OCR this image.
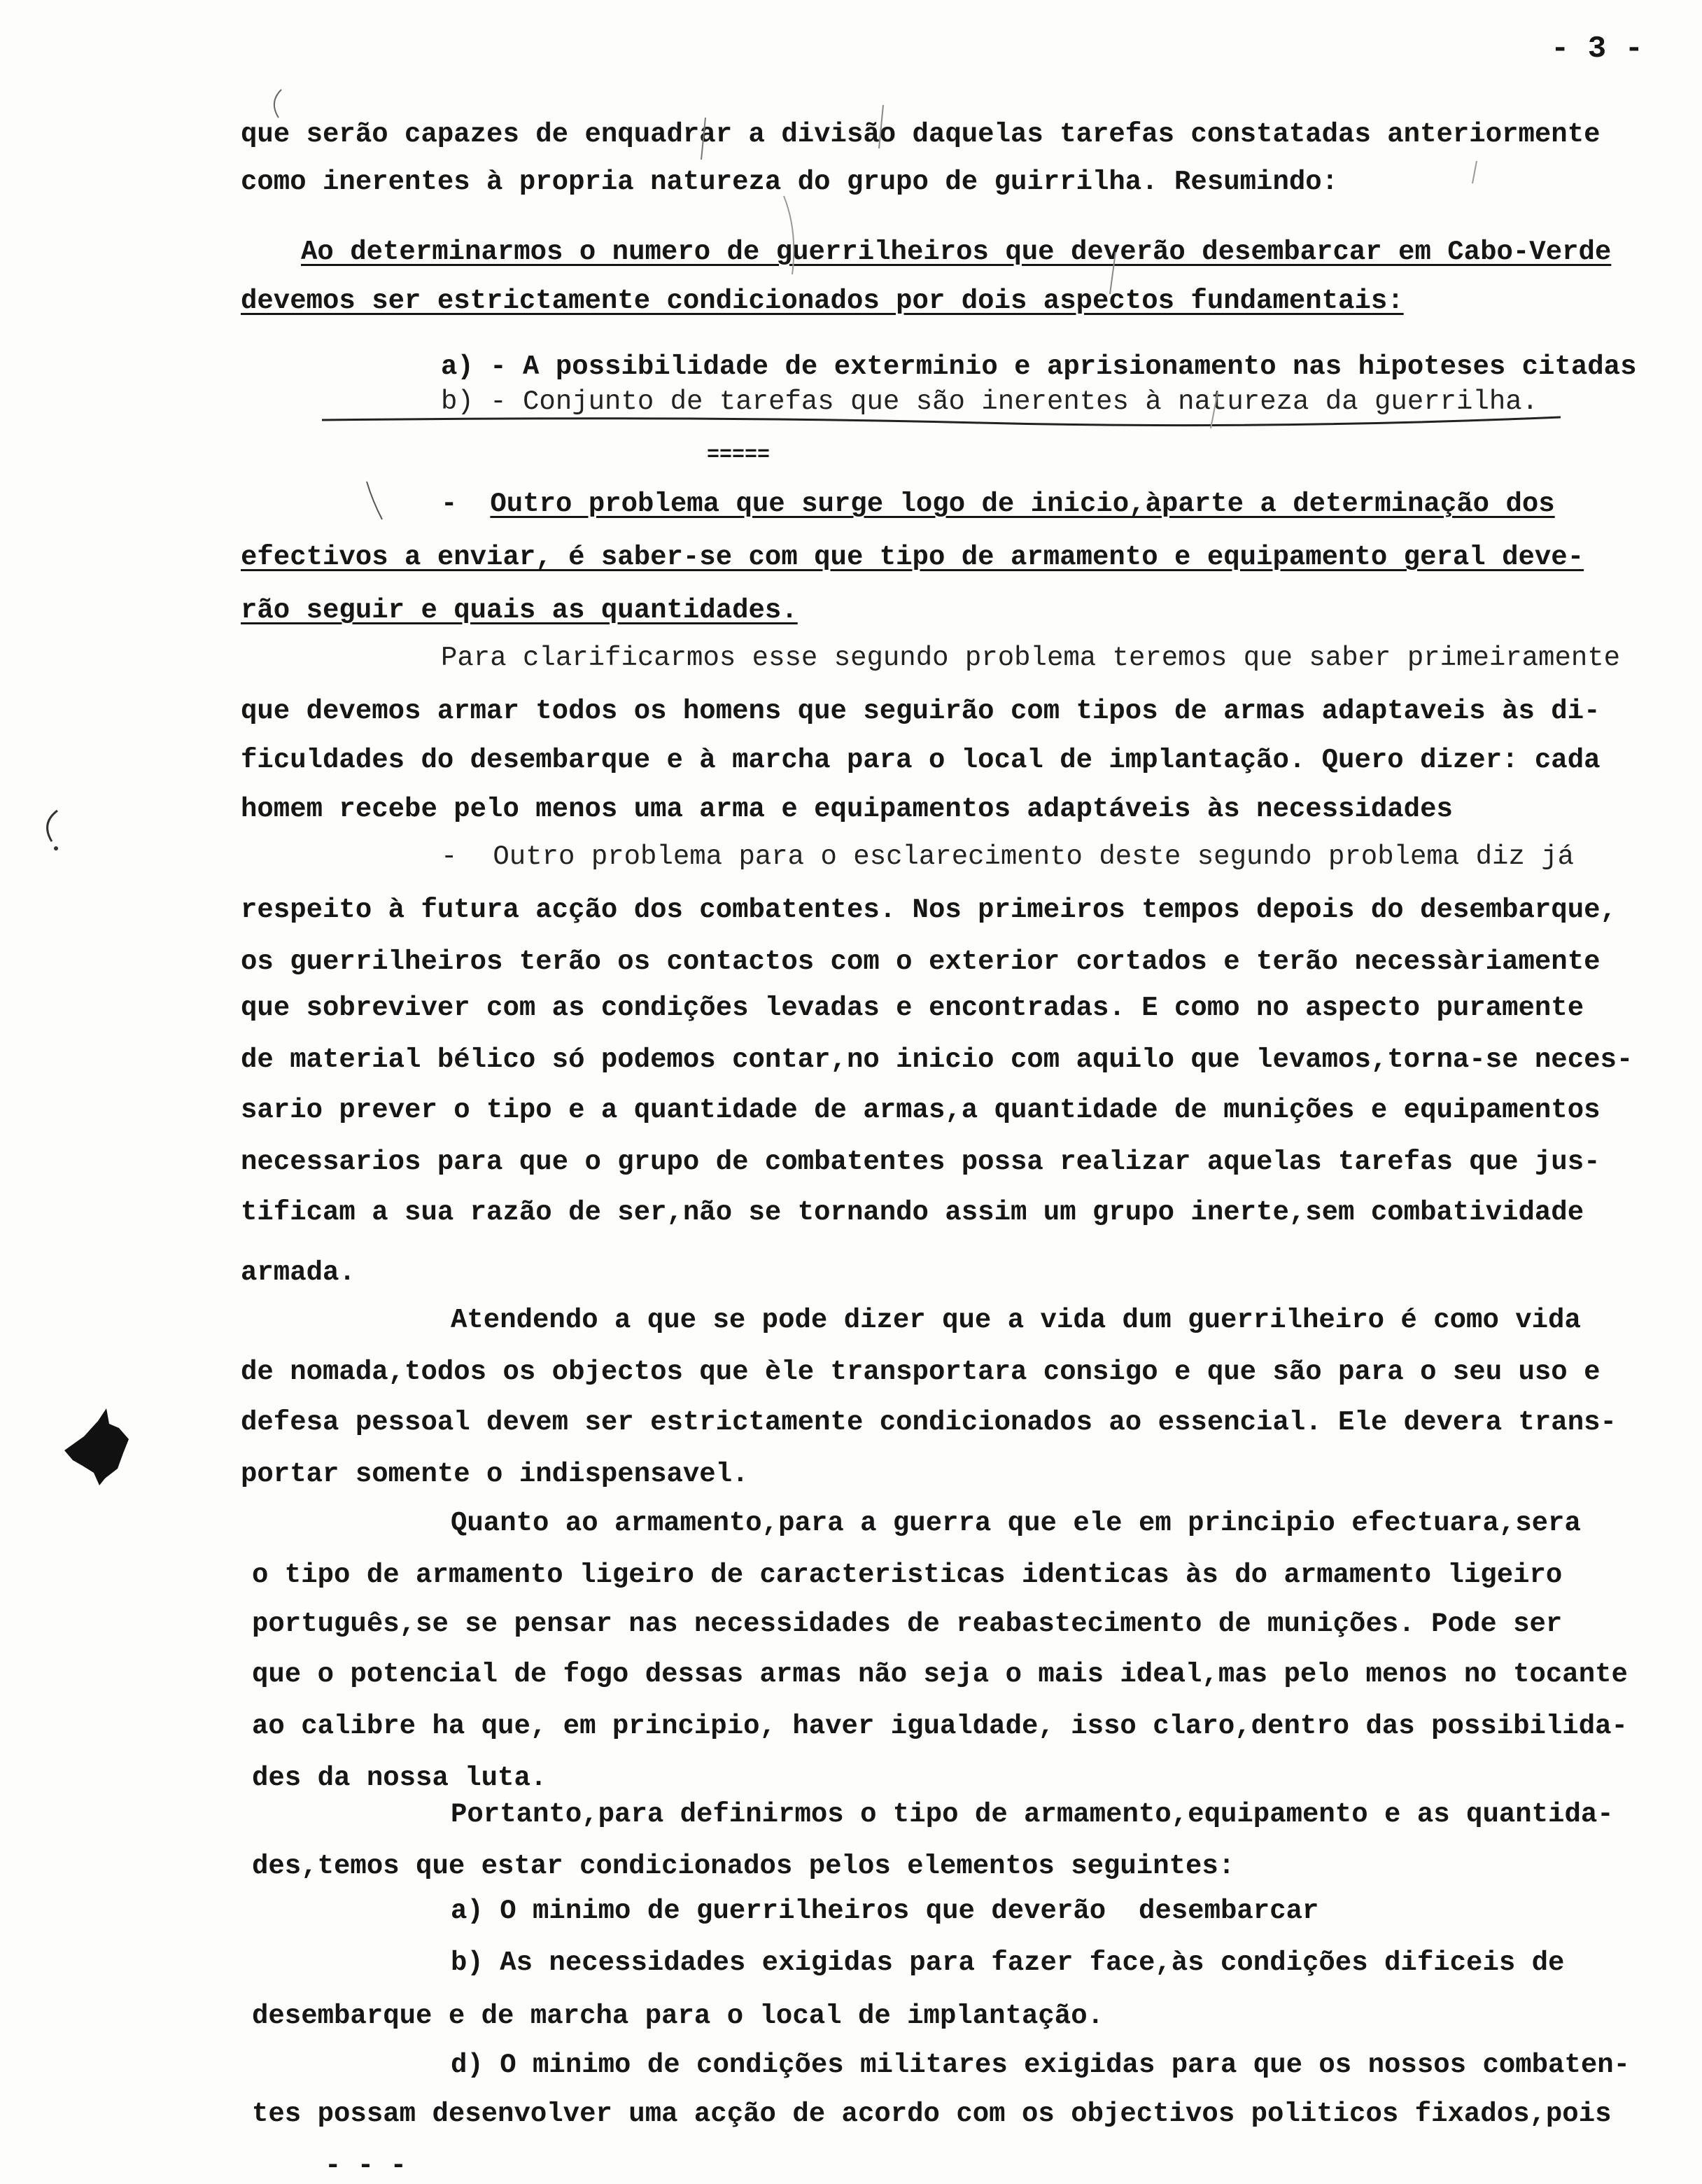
- 3 -
que serão capazes de enquadrar a divisão daquelas tarefas constatadas anteriormente
como inerentes à propria natureza do grupo de guirrilha. Resumindo:
Ao determinarmos o numero de guerrilheiros que deverão desembarcar em Cabo-Verde
devemos ser estrictamente condicionados por dois aspectos fundamentais:
a) - A possibilidade de exterminio e aprisionamento nas hipoteses citadas
b) - Conjunto de tarefas que são inerentes à natureza da guerrilha.
=====
- Outro problema que surge logo de inicio,àparte a determinação dos
efectivos a enviar, é saber-se com que tipo de armamento e equipamento geral deve-
rão seguir e quais as quantidades.
Para clarificarmos esse segundo problema teremos que saber primeiramente
que devemos armar todos os homens que seguirão com tipos de armas adaptaveis às di-
ficuldades do desembarque e à marcha para o local de implantação. Quero dizer: cada
homem recebe pelo menos uma arma e equipamentos adaptáveis às necessidades
- Outro problema para o esclarecimento deste segundo problema diz já
respeito à futura acção dos combatentes. Nos primeiros tempos depois do desembarque,
os guerrilheiros terão os contactos com o exterior cortados e terão necessàriamente
que sobreviver com as condições levadas e encontradas. E como no aspecto puramente
de material bélico só podemos contar,no inicio com aquilo que levamos,torna-se neces-
sario prever o tipo e a quantidade de armas,a quantidade de munições e equipamentos
necessarios para que o grupo de combatentes possa realizar aquelas tarefas que jus-
tificam a sua razão de ser,não se tornando assim um grupo inerte,sem combatividade
armada.
Atendendo a que se pode dizer que a vida dum guerrilheiro é como vida
de nomada,todos os objectos que èle transportara consigo e que são para o seu uso e
defesa pessoal devem ser estrictamente condicionados ao essencial. Ele devera trans-
portar somente o indispensavel.
Quanto ao armamento,para a guerra que ele em principio efectuara,sera
o tipo de armamento ligeiro de caracteristicas identicas às do armamento ligeiro
português,se se pensar nas necessidades de reabastecimento de munições. Pode ser
que o potencial de fogo dessas armas não seja o mais ideal,mas pelo menos no tocante
ao calibre ha que, em principio, haver igualdade, isso claro,dentro das possibilida-
des da nossa luta.
Portanto,para definirmos o tipo de armamento,equipamento e as quantida-
des,temos que estar condicionados pelos elementos seguintes:
a) O minimo de guerrilheiros que deverão  desembarcar
b) As necessidades exigidas para fazer face,às condições dificeis de
desembarque e de marcha para o local de implantação.
d) O minimo de condições militares exigidas para que os nossos combaten-
tes possam desenvolver uma acção de acordo com os objectivos politicos fixados,pois
- - -
